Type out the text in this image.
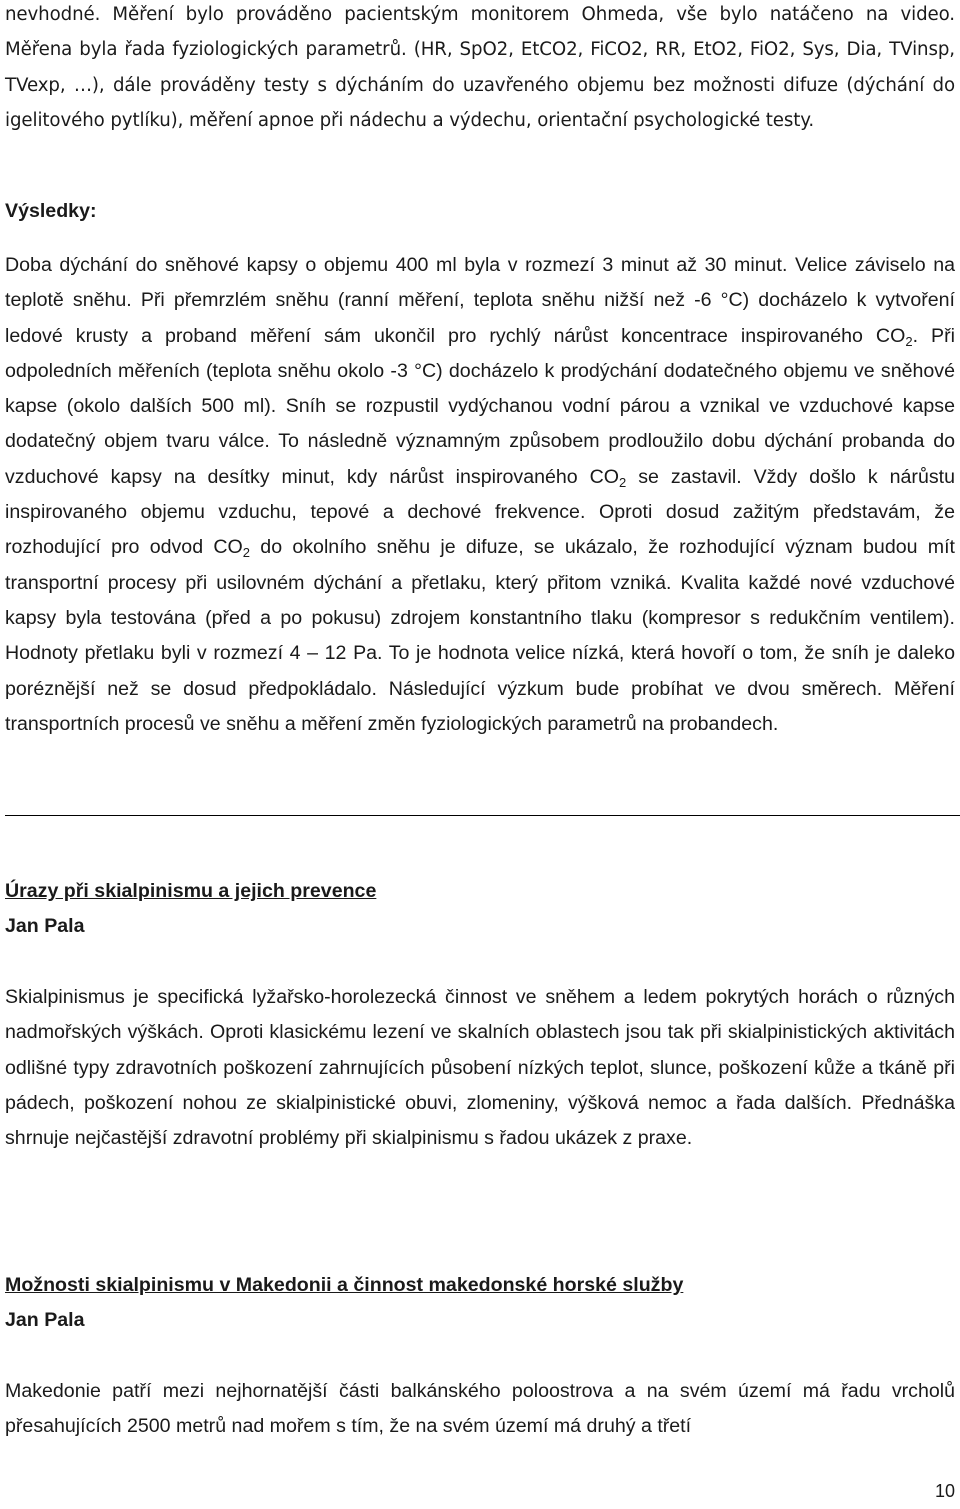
nevhodné. Měření bylo prováděno pacientským monitorem Ohmeda, vše bylo natáčeno na video. Měřena byla řada fyziologických parametrů. (HR, SpO2, EtCO2, FiCO2, RR, EtO2, FiO2, Sys, Dia, TVinsp, TVexp, …), dále prováděny testy s dýcháním do uzavřeného objemu bez možnosti difuze (dýchání do igelitového pytlíku), měření apnoe při nádechu a výdechu, orientační psychologické testy.

Výsledky:

Doba dýchání do sněhové kapsy o objemu 400 ml byla v rozmezí 3 minut až 30 minut. Velice záviselo na teplotě sněhu. Při přemrzlém sněhu (ranní měření, teplota sněhu nižší než -6 °C) docházelo k vytvoření ledové krusty a proband měření sám ukončil pro rychlý nárůst koncentrace inspirovaného $CO_2$. Při odpoledních měřeních (teplota sněhu okolo -3 °C) docházelo k prodýchání dodatečného objemu ve sněhové kapse (okolo dalších 500 ml). Sníh se rozpustil vydýchanou vodní párou a vznikal ve vzduchové kapse dodatečný objem tvaru válce. To následně významným způsobem prodloužilo dobu dýchání probanda do vzduchové kapsy na desítky minut, kdy nárůst inspirovaného $CO_2$ se zastavil. Vždy došlo k nárůstu inspirovaného objemu vzduchu, tepové a dechové frekvence. Oproti dosud zažitým představám, že rozhodující pro odvod $CO_2$ do okolního sněhu je difuze, se ukázalo, že rozhodující význam budou mít transportní procesy při usilovném dýchání a přetlaku, který přitom vzniká. Kvalita každé nové vzduchové kapsy byla testována (před a po pokusu) zdrojem konstantního tlaku (kompresor s redukčním ventilem). Hodnoty přetlaku byli v rozmezí 4 – 12 Pa. To je hodnota velice nízká, která hovoří o tom, že sníh je daleko porézněјší než se dosud předpokládalo. Následující výzkum bude probíhat ve dvou směrech. Měření transportních procesů ve sněhu a měření změn fyziologických parametrů na probandech.

Úrazy při skialpinismu a jejich prevence
Jan Pala

Skialpinismus je specifická lyžařsko-horolezecká činnost ve sněhem a ledem pokrytých horách o různých nadmořských výškách. Oproti klasickému lezení ve skalních oblastech jsou tak při skialpinistických aktivitách odlišné typy zdravotních poškození zahrnujících působení nízkých teplot, slunce, poškození kůže a tkáně při pádech, poškození nohou ze skialpinistické obuvi, zlomeniny, výšková nemoc a řada dalších. Přednáška shrnuje nejčastější zdravotní problémy při skialpinismu s řadou ukázek z praxe.

Možnosti skialpinismu v Makedonii a činnost makedonské horské služby
Jan Pala

Makedonie patří mezi nejhornatější části balkánského poloostrova a na svém území má řadu vrcholů přesahujících 2500 metrů nad mořem s tím, že na svém území má druhý a třetí

10
